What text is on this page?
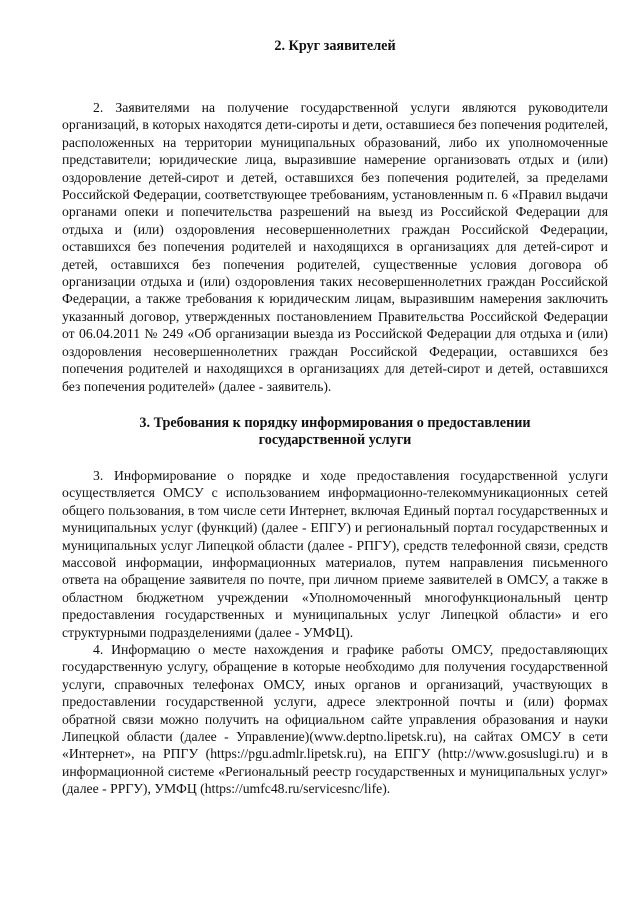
2. Круг заявителей

2. Заявителями на получение государственной услуги являются руководители организаций, в которых находятся дети-сироты и дети, оставшиеся без попечения родителей, расположенных на территории муниципальных образований, либо их уполномоченные представители; юридические лица, выразившие намерение организовать отдых и (или) оздоровление детей-сирот и детей, оставшихся без попечения родителей, за пределами Российской Федерации, соответствующее требованиям, установленным п. 6 «Правил выдачи органами опеки и попечительства разрешений на выезд из Российской Федерации для отдыха и (или) оздоровления несовершеннолетних граждан Российской Федерации, оставшихся без попечения родителей и находящихся в организациях для детей-сирот и детей, оставшихся без попечения родителей, существенные условия договора об организации отдыха и (или) оздоровления таких несовершеннолетних граждан Российской Федерации, а также требования к юридическим лицам, выразившим намерения заключить указанный договор, утвержденных постановлением Правительства Российской Федерации от 06.04.2011 № 249 «Об организации выезда из Российской Федерации для отдыха и (или) оздоровления несовершеннолетних граждан Российской Федерации, оставшихся без попечения родителей и находящихся в организациях для детей-сирот и детей, оставшихся без попечения родителей» (далее - заявитель).

3. Требования к порядку информирования о предоставлении
государственной услуги

3. Информирование о порядке и ходе предоставления государственной услуги осуществляется ОМСУ с использованием информационно-телекоммуникационных сетей общего пользования, в том числе сети Интернет, включая Единый портал государственных и муниципальных услуг (функций) (далее - ЕПГУ) и региональный портал государственных и муниципальных услуг Липецкой области (далее - РПГУ), средств телефонной связи, средств массовой информации, информационных материалов, путем направления письменного ответа на обращение заявителя по почте, при личном приеме заявителей в ОМСУ, а также в областном бюджетном учреждении «Уполномоченный многофункциональный центр предоставления государственных и муниципальных услуг Липецкой области» и его структурными подразделениями (далее - УМФЦ).

4. Информацию о месте нахождения и графике работы ОМСУ, предоставляющих государственную услугу, обращение в которые необходимо для получения государственной услуги, справочных телефонах ОМСУ, иных органов и организаций, участвующих в предоставлении государственной услуги, адресе электронной почты и (или) формах обратной связи можно получить на официальном сайте управления образования и науки Липецкой области (далее - Управление)(www.deptno.lipetsk.ru), на сайтах ОМСУ в сети «Интернет», на РПГУ (https://pgu.admlr.lipetsk.ru), на ЕПГУ (http://www.gosuslugi.ru) и в информационной системе «Региональный реестр государственных и муниципальных услуг» (далее - РРГУ), УМФЦ (https://umfc48.ru/servicesnc/life).
